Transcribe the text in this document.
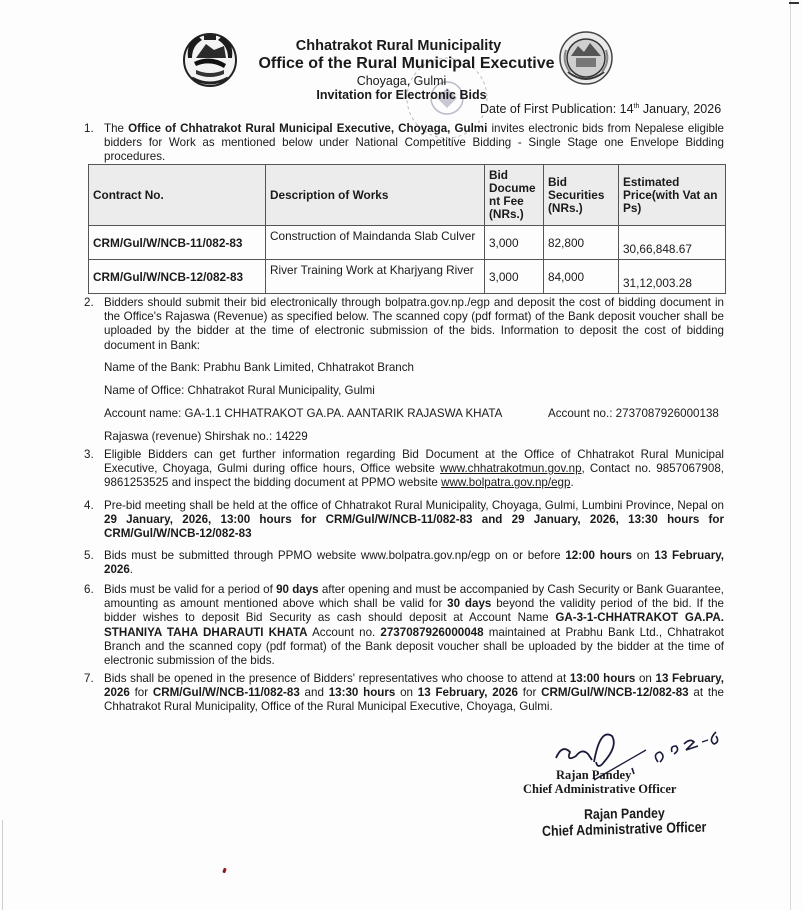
Chhatrakot Rural Municipality
Office of the Rural Municipal Executive
Choyaga, Gulmi
Invitation for Electronic Bids
Date of First Publication: 14th January, 2026
1. The Office of Chhatrakot Rural Municipal Executive, Choyaga, Gulmi invites electronic bids from Nepalese eligible bidders for Work as mentioned below under National Competitive Bidding - Single Stage one Envelope Bidding procedures.
Contract No.	Description of Works	Bid Docume nt Fee (NRs.)	Bid Securities (NRs.)	Estimated Price(with Vat an Ps)
CRM/Gul/W/NCB-11/082-83	Construction of Maindanda Slab Culver	3,000	82,800	30,66,848.67
CRM/Gul/W/NCB-12/082-83	River Training Work at Kharjyang River	3,000	84,000	31,12,003.28
2. Bidders should submit their bid electronically through bolpatra.gov.np./egp and deposit the cost of bidding document in the Office's Rajaswa (Revenue) as specified below. The scanned copy (pdf format) of the Bank deposit voucher shall be uploaded by the bidder at the time of electronic submission of the bids. Information to deposit the cost of bidding document in Bank:
Name of the Bank: Prabhu Bank Limited, Chhatrakot Branch
Name of Office: Chhatrakot Rural Municipality, Gulmi
Account name: GA-1.1 CHHATRAKOT GA.PA. AANTARIK RAJASWA KHATA	Account no.: 2737087926000138
Rajaswa (revenue) Shirshak no.: 14229
3. Eligible Bidders can get further information regarding Bid Document at the Office of Chhatrakot Rural Municipal Executive, Choyaga, Gulmi during office hours, Office website www.chhatrakotmun.gov.np, Contact no. 9857067908, 9861253525 and inspect the bidding document at PPMO website www.bolpatra.gov.np/egp.
4. Pre-bid meeting shall be held at the office of Chhatrakot Rural Municipality, Choyaga, Gulmi, Lumbini Province, Nepal on 29 January, 2026, 13:00 hours for CRM/Gul/W/NCB-11/082-83 and 29 January, 2026, 13:30 hours for CRM/Gul/W/NCB-12/082-83
5. Bids must be submitted through PPMO website www.bolpatra.gov.np/egp on or before 12:00 hours on 13 February, 2026.
6. Bids must be valid for a period of 90 days after opening and must be accompanied by Cash Security or Bank Guarantee, amounting as amount mentioned above which shall be valid for 30 days beyond the validity period of the bid. If the bidder wishes to deposit Bid Security as cash should deposit at Account Name GA-3-1-CHHATRAKOT GA.PA. STHANIYA TAHA DHARAUTI KHATA Account no. 2737087926000048 maintained at Prabhu Bank Ltd., Chhatrakot Branch and the scanned copy (pdf format) of the Bank deposit voucher shall be uploaded by the bidder at the time of electronic submission of the bids.
7. Bids shall be opened in the presence of Bidders' representatives who choose to attend at 13:00 hours on 13 February, 2026 for CRM/Gul/W/NCB-11/082-83 and 13:30 hours on 13 February, 2026 for CRM/Gul/W/NCB-12/082-83 at the Chhatrakot Rural Municipality, Office of the Rural Municipal Executive, Choyaga, Gulmi.
Rajan Pandey
Chief Administrative Officer
Rajan Pandey
Chief Administrative Officer
